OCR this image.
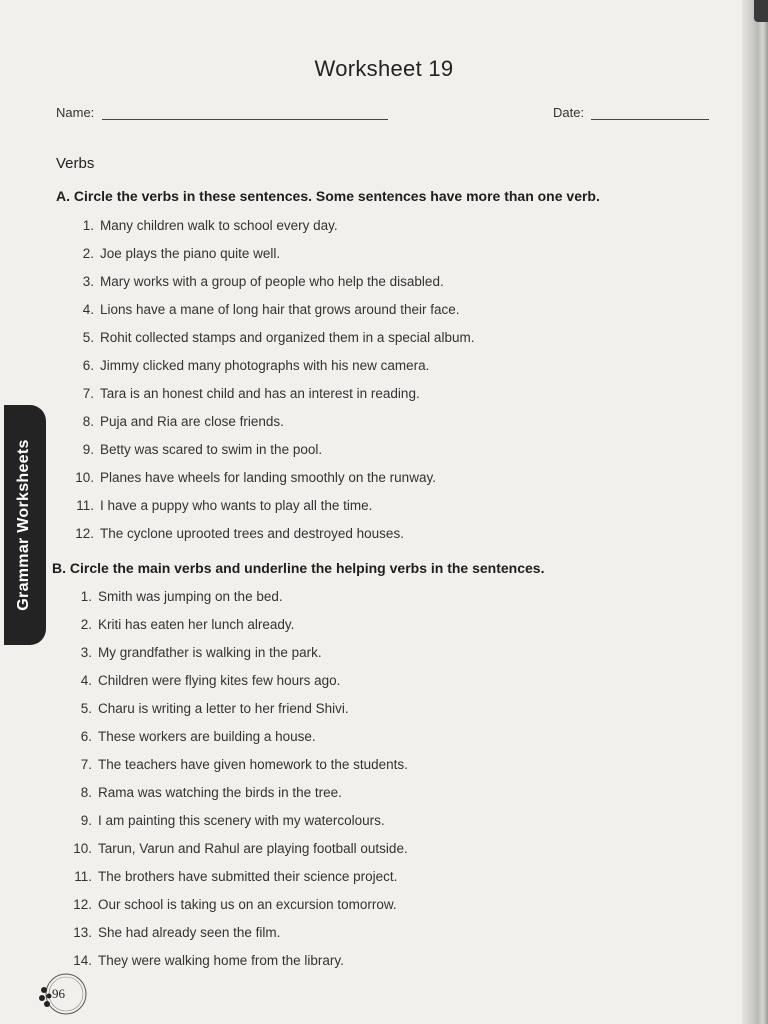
Worksheet 19
Name:	Date:
Verbs
A. Circle the verbs in these sentences. Some sentences have more than one verb.
1. Many children walk to school every day.
2. Joe plays the piano quite well.
3. Mary works with a group of people who help the disabled.
4. Lions have a mane of long hair that grows around their face.
5. Rohit collected stamps and organized them in a special album.
6. Jimmy clicked many photographs with his new camera.
7. Tara is an honest child and has an interest in reading.
8. Puja and Ria are close friends.
9. Betty was scared to swim in the pool.
10. Planes have wheels for landing smoothly on the runway.
11. I have a puppy who wants to play all the time.
12. The cyclone uprooted trees and destroyed houses.
B. Circle the main verbs and underline the helping verbs in the sentences.
1. Smith was jumping on the bed.
2. Kriti has eaten her lunch already.
3. My grandfather is walking in the park.
4. Children were flying kites few hours ago.
5. Charu is writing a letter to her friend Shivi.
6. These workers are building a house.
7. The teachers have given homework to the students.
8. Rama was watching the birds in the tree.
9. I am painting this scenery with my watercolours.
10. Tarun, Varun and Rahul are playing football outside.
11. The brothers have submitted their science project.
12. Our school is taking us on an excursion tomorrow.
13. She had already seen the film.
14. They were walking home from the library.
Grammar Worksheets
96
